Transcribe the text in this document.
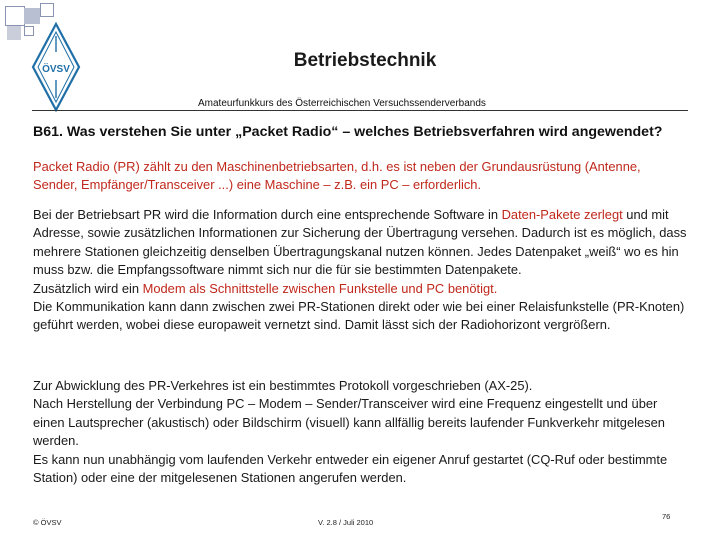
ÖVSV	Betriebstechnik
Amateurfunkkurs des Österreichischen Versuchssenderverbands
B61. Was verstehen Sie unter „Packet Radio“ – welches Betriebsverfahren wird angewendet?
Packet Radio (PR) zählt zu den Maschinenbetriebsarten, d.h. es ist neben der Grundausrüstung (Antenne, Sender, Empfänger/Transceiver ...) eine Maschine – z.B. ein PC – erforderlich.
Bei der Betriebsart PR wird die Information durch eine entsprechende Software in Daten-Pakete zerlegt und mit Adresse, sowie zusätzlichen Informationen zur Sicherung der Übertragung versehen. Dadurch ist es möglich, dass mehrere Stationen gleichzeitig denselben Übertragungskanal nutzen können. Jedes Datenpaket „weiß“ wo es hin muss bzw. die Empfangssoftware nimmt sich nur die für sie bestimmten Datenpakete.
Zusätzlich wird ein Modem als Schnittstelle zwischen Funkstelle und PC benötigt.
Die Kommunikation kann dann zwischen zwei PR-Stationen direkt oder wie bei einer Relaisfunkstelle (PR-Knoten) geführt werden, wobei diese europaweit vernetzt sind. Damit lässt sich der Radiohorizont vergrößern.
Zur Abwicklung des PR-Verkehres ist ein bestimmtes Protokoll vorgeschrieben (AX-25).
Nach Herstellung der Verbindung PC – Modem – Sender/Transceiver wird eine Frequenz eingestellt und über einen Lautsprecher (akustisch) oder Bildschirm (visuell) kann allfällig bereits laufender Funkverkehr mitgelesen werden.
Es kann nun unabhängig vom laufenden Verkehr entweder ein eigener Anruf gestartet (CQ-Ruf oder bestimmte Station) oder eine der mitgelesenen Stationen angerufen werden.
© ÖVSV	V. 2.8 / Juli 2010
76
